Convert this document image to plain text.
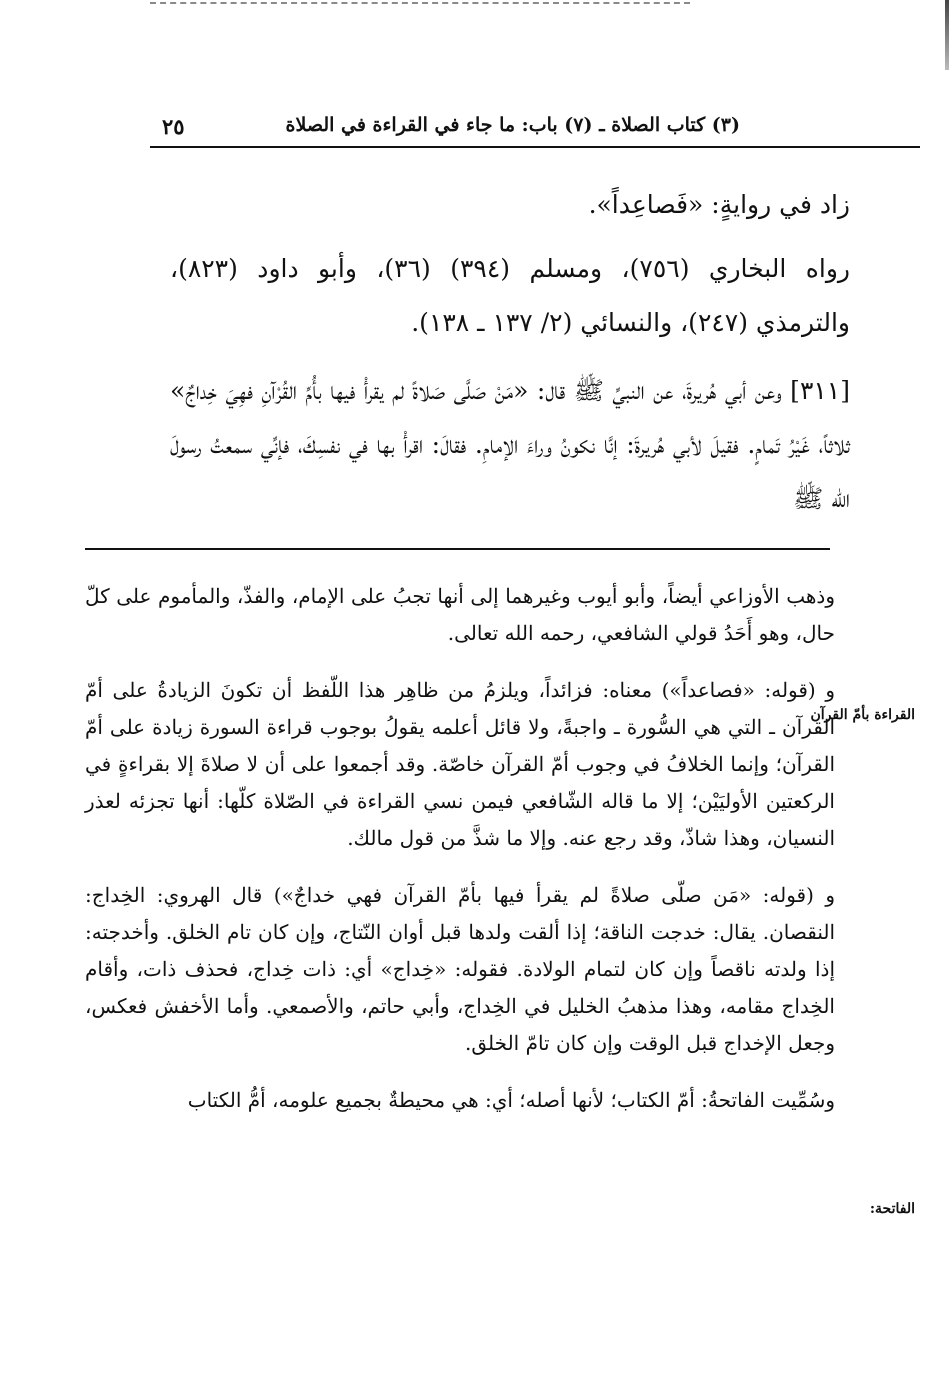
(٣) كتاب الصلاة ـ (٧) باب: ما جاء في القراءة في الصلاة
٢٥

زاد في روايةٍ: «فَصاعِداً».

رواه البخاري (٧٥٦)، ومسلم (٣٩٤) (٣٦)، وأبو داود (٨٢٣)، والترمذي (٢٤٧)، والنسائي (٢/ ١٣٧ ـ ١٣٨).

[٣١١] وعن أبي هُريرةَ، عن النبيِّ ﷺ قال: «مَنْ صَلَّى صَلاةً لم يقرأْ فيها بأُمِّ القُرْآنِ فهِيَ خِداجٌ» ثلاثاً، غَيْرُ تَمامٍ. فقيلَ لأبي هُريرةَ: إنَّا نكونُ وراءَ الإمامِ. فقالَ: اقرأْ بها في نفسِكَ، فإنِّي سمعتُ رسولَ الله ﷺ

القراءة بأمّ القرآن
الفاتحة:

وذهب الأوزاعي أيضاً، وأبو أيوب وغيرهما إلى أنها تجبُ على الإمام، والفذّ، والمأموم على كلّ حال، وهو أَحَدُ قولي الشافعي، رحمه الله تعالى.

و (قوله: «فصاعداً») معناه: فزائداً، ويلزمُ من ظاهِر هذا اللّفظ أن تكونَ الزيادةُ على أمّ القرآن ـ التي هي السُّورة ـ واجبةً، ولا قائل أعلمه يقولُ بوجوب قراءة السورة زيادة على أمّ القرآن؛ وإنما الخلافُ في وجوب أمّ القرآن خاصّة. وقد أجمعوا على أن لا صلاةَ إلا بقراءةٍ في الركعتين الأوليَيْن؛ إلا ما قاله الشّافعي فيمن نسي القراءة في الصّلاة كلّها: أنها تجزئه لعذر النسيان، وهذا شاذّ، وقد رجع عنه. وإلا ما شذَّ من قول مالك.

و (قوله: «مَن صلّى صلاةً لم يقرأ فيها بأمّ القرآن فهي خداجٌ») قال الهروي: الخِداج: النقصان. يقال: خدجت الناقة؛ إذا ألقت ولدها قبل أوان النّتاج، وإن كان تام الخلق. وأخدجته: إذا ولدته ناقصاً وإن كان لتمام الولادة. فقوله: «خِداج» أي: ذات خِداج، فحذف ذات، وأقام الخِداج مقامه، وهذا مذهبُ الخليل في الخِداج، وأبي حاتم، والأصمعي. وأما الأخفش فعكس، وجعل الإخداج قبل الوقت وإن كان تامّ الخلق.

وسُمِّيت الفاتحةُ: أمّ الكتاب؛ لأنها أصله؛ أي: هي محيطةٌ بجميع علومه، أمُّ الكتاب
